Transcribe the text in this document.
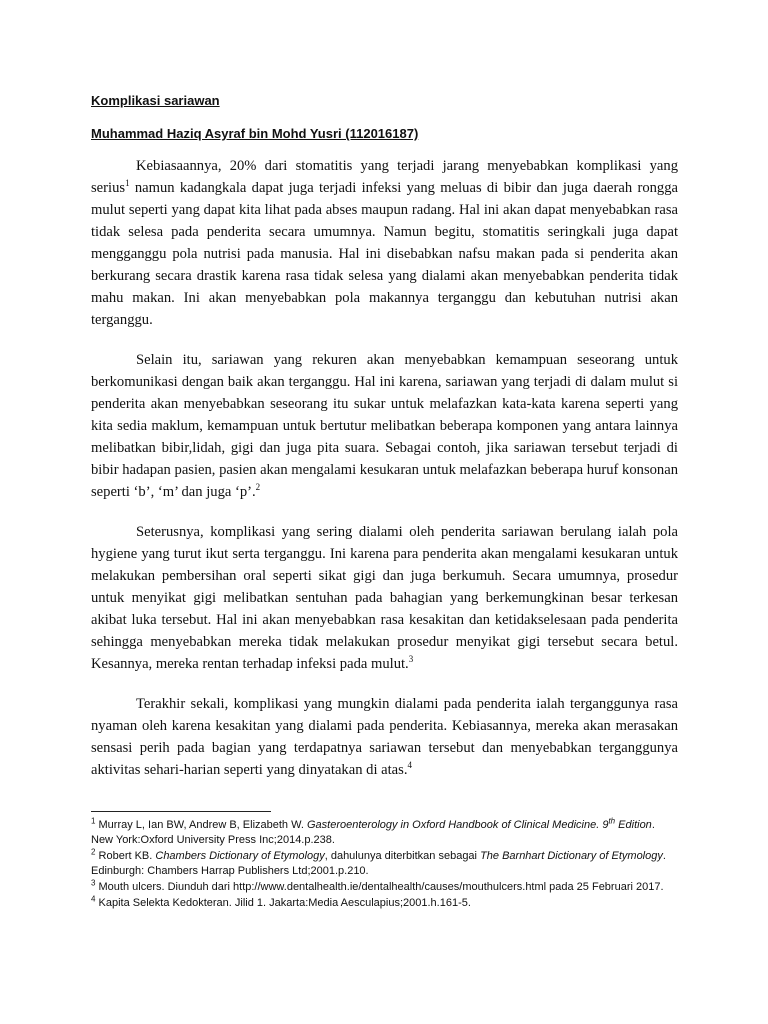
Komplikasi sariawan

Muhammad Haziq Asyraf bin Mohd Yusri (112016187)

Kebiasaannya, 20% dari stomatitis yang terjadi jarang menyebabkan komplikasi yang serius$^1$ namun kadangkala dapat juga terjadi infeksi yang meluas di bibir dan juga daerah rongga mulut seperti yang dapat kita lihat pada abses maupun radang. Hal ini akan dapat menyebabkan rasa tidak selesa pada penderita secara umumnya. Namun begitu, stomatitis seringkali juga dapat mengganggu pola nutrisi pada manusia. Hal ini disebabkan nafsu makan pada si penderita akan berkurang secara drastik karena rasa tidak selesa yang dialami akan menyebabkan penderita tidak mahu makan. Ini akan menyebabkan pola makannya terganggu dan kebutuhan nutrisi akan terganggu.

Selain itu, sariawan yang rekuren akan menyebabkan kemampuan seseorang untuk berkomunikasi dengan baik akan terganggu. Hal ini karena, sariawan yang terjadi di dalam mulut si penderita akan menyebabkan seseorang itu sukar untuk melafazkan kata-kata karena seperti yang kita sedia maklum, kemampuan untuk bertutur melibatkan beberapa komponen yang antara lainnya melibatkan bibir,lidah, gigi dan juga pita suara. Sebagai contoh, jika sariawan tersebut terjadi di bibir hadapan pasien, pasien akan mengalami kesukaran untuk melafazkan beberapa huruf konsonan seperti ‘b’, ‘m’ dan juga ‘p’.$^2$

Seterusnya, komplikasi yang sering dialami oleh penderita sariawan berulang ialah pola hygiene yang turut ikut serta terganggu. Ini karena para penderita akan mengalami kesukaran untuk melakukan pembersihan oral seperti sikat gigi dan juga berkumuh. Secara umumnya, prosedur untuk menyikat gigi melibatkan sentuhan pada bahagian yang berkemungkinan besar terkesan akibat luka tersebut. Hal ini akan menyebabkan rasa kesakitan dan ketidakselesaan pada penderita sehingga menyebabkan mereka tidak melakukan prosedur menyikat gigi tersebut secara betul. Kesannya, mereka rentan terhadap infeksi pada mulut.$^3$

Terakhir sekali, komplikasi yang mungkin dialami pada penderita ialah terganggunya rasa nyaman oleh karena kesakitan yang dialami pada penderita. Kebiasannya, mereka akan merasakan sensasi perih pada bagian yang terdapatnya sariawan tersebut dan menyebabkan terganggunya aktivitas sehari-harian seperti yang dinyatakan di atas.$^4$

$^1$ Murray L, Ian BW, Andrew B, Elizabeth W. Gasteroenterology in Oxford Handbook of Clinical Medicine. 9th Edition. New York:Oxford University Press Inc;2014.p.238.
$^2$ Robert KB. Chambers Dictionary of Etymology, dahulunya diterbitkan sebagai The Barnhart Dictionary of Etymology. Edinburgh: Chambers Harrap Publishers Ltd;2001.p.210.
$^3$ Mouth ulcers. Diunduh dari http://www.dentalhealth.ie/dentalhealth/causes/mouthulcers.html pada 25 Februari 2017.
$^4$ Kapita Selekta Kedokteran. Jilid 1. Jakarta:Media Aesculapius;2001.h.161-5.
